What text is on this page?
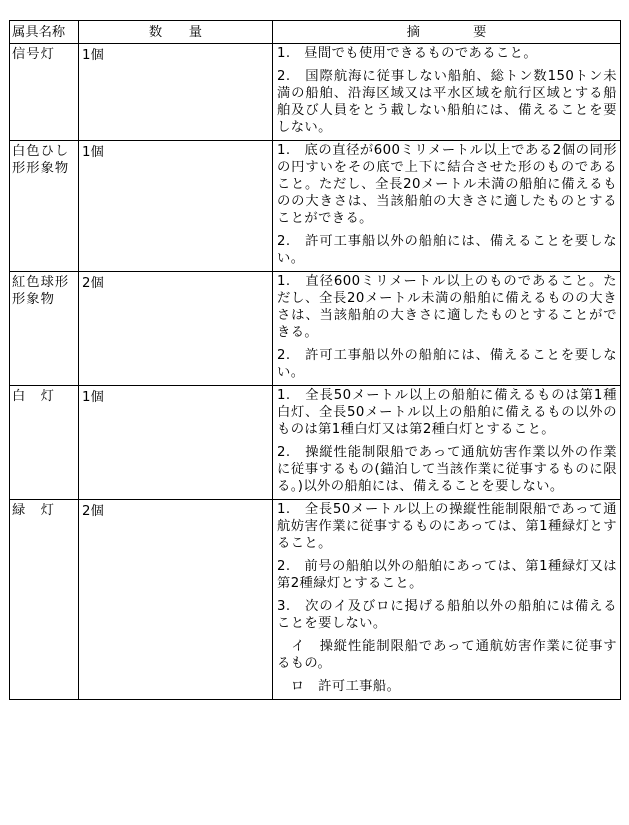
属具名称	数　　量	摘　　　　要
信号灯	1個	1.　昼間でも使用できるものであること。

2.　国際航海に従事しない船舶、総トン数150トン未満の船舶、沿海区域又は平水区域を航行区域とする船舶及び人員をとう載しない船舶には、備えることを要しない。

白色ひし形形象物	1個	1.　底の直径が600ミリメートル以上である2個の同形の円すいをその底で上下に結合させた形のものであること。ただし、全長20メートル未満の船舶に備えるものの大きさは、当該船舶の大きさに適したものとすることができる。

2.　許可工事船以外の船舶には、備えることを要しない。

紅色球形形象物	2個	1.　直径600ミリメートル以上のものであること。ただし、全長20メートル未満の船舶に備えるものの大きさは、当該船舶の大きさに適したものとすることができる。

2.　許可工事船以外の船舶には、備えることを要しない。

白　灯	1個	1.　全長50メートル以上の船舶に備えるものは第1種白灯、全長50メートル以上の船舶に備えるもの以外のものは第1種白灯又は第2種白灯とすること。

2.　操縦性能制限船であって通航妨害作業以外の作業に従事するもの(錨泊して当該作業に従事するものに限る。)以外の船舶には、備えることを要しない。

緑　灯	2個	1.　全長50メートル以上の操縦性能制限船であって通航妨害作業に従事するものにあっては、第1種緑灯とすること。

2.　前号の船舶以外の船舶にあっては、第1種緑灯又は第2種緑灯とすること。

3.　次のイ及びロに掲げる船舶以外の船舶には備えることを要しない。

　イ　操縦性能制限船であって通航妨害作業に従事するもの。

　ロ　許可工事船。
